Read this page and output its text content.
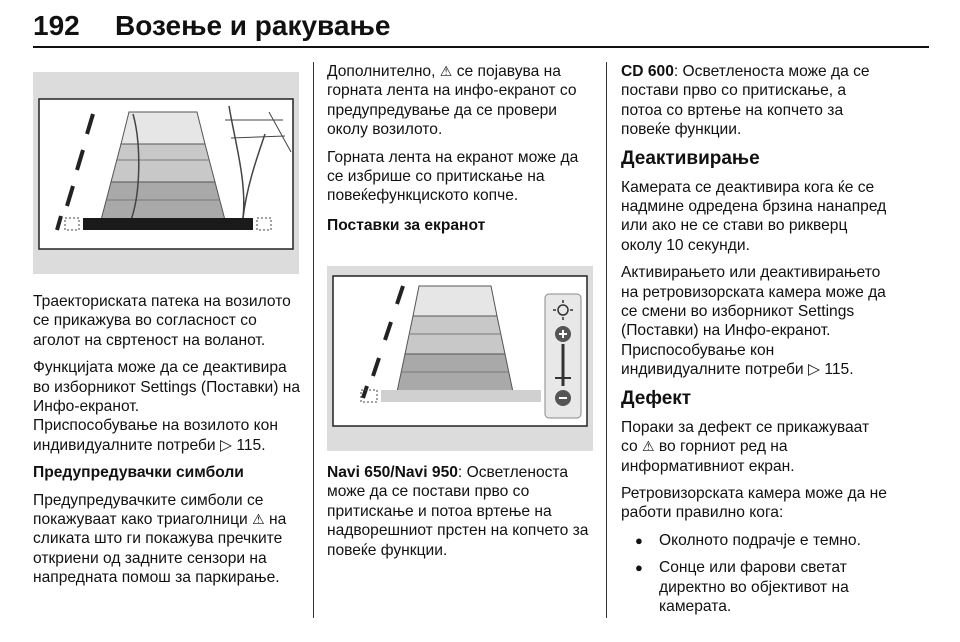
192 Возење и ракување

Траекториската патека на возилото се прикажува во согласност со аголот на свртеност на воланот.

Функцијата може да се деактивира во изборникот Settings (Поставки) на Инфо-екранот.
Приспособување на возилото кон индивидуалните потреби ▷ 115.

Предупредувачки симболи

Предупредувачките симболи се покажуваат како триаголници ⚠ на сликата што ги покажува пречките откриени од задните сензори на напредната помош за паркирање.

Дополнително, ⚠ се појавува на горната лента на инфо-екранот со предупредување да се провери околу возилото.

Горната лента на екранот може да се избрише со притискање на повеќефункциското копче.

Поставки за екранот

Navi 650/Navi 950: Осветленоста може да се постави прво со притискање и потоа вртење на надворешниот прстен на копчето за повеќе функции.

CD 600: Осветленоста може да се постави прво со притискање, а потоа со вртење на копчето за повеќе функции.

Деактивирање

Камерата се деактивира кога ќе се надмине одредена брзина нанапред или ако не се стави во рикверц околу 10 секунди.

Активирањето или деактивирањето на ретровизорската камера може да се смени во изборникот Settings (Поставки) на Инфо-екранот.
Приспособување кон индивидуалните потреби ▷ 115.

Дефект

Пораки за дефект се прикажуваат со ⚠ во горниот ред на информативниот екран.

Ретровизорската камера може да не работи правилно кога:

● Околното подрачје е темно.
● Сонце или фарови светат директно во објективот на камерата.
